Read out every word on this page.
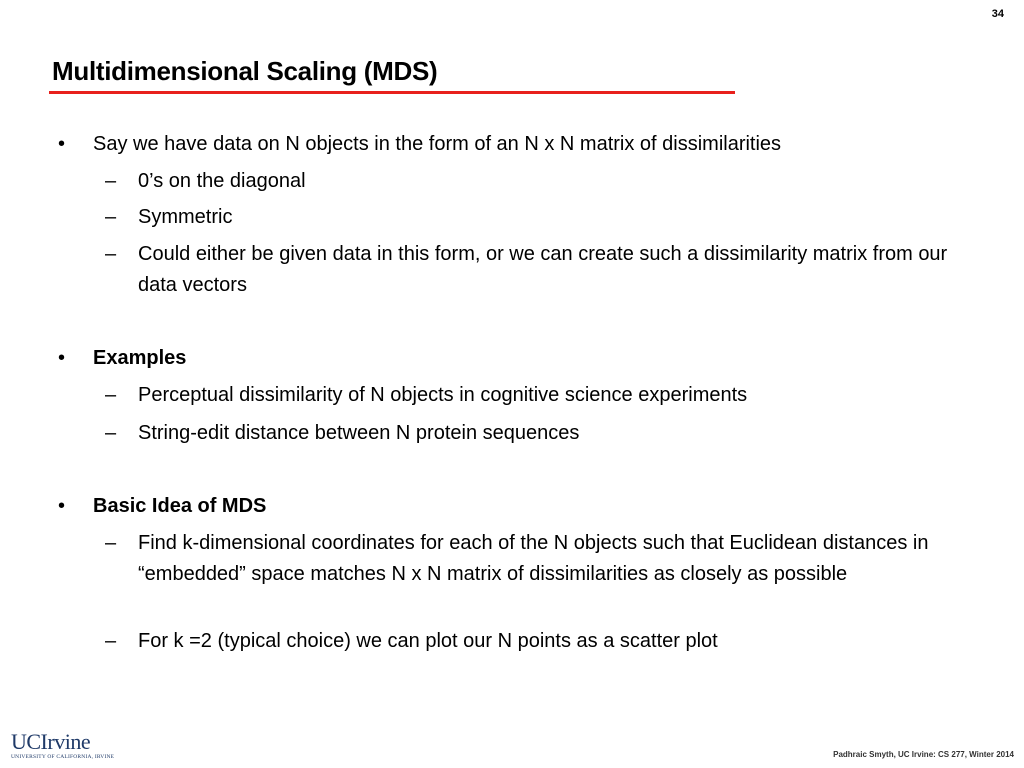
34
Multidimensional Scaling (MDS)
• Say we have data on N objects in the form of an N x N matrix of dissimilarities
– 0’s on the diagonal
– Symmetric
– Could either be given data in this form, or we can create such a dissimilarity matrix from our data vectors
• Examples
– Perceptual dissimilarity of N objects in cognitive science experiments
– String-edit distance between N protein sequences
• Basic Idea of MDS
– Find k-dimensional coordinates for each of the N objects such that Euclidean distances in “embedded” space matches N x N matrix of dissimilarities as closely as possible
– For k =2 (typical choice) we can plot our N points as a scatter plot
UCIrvine
UNIVERSITY OF CALIFORNIA, IRVINE	Padhraic Smyth, UC Irvine: CS 277, Winter 2014
